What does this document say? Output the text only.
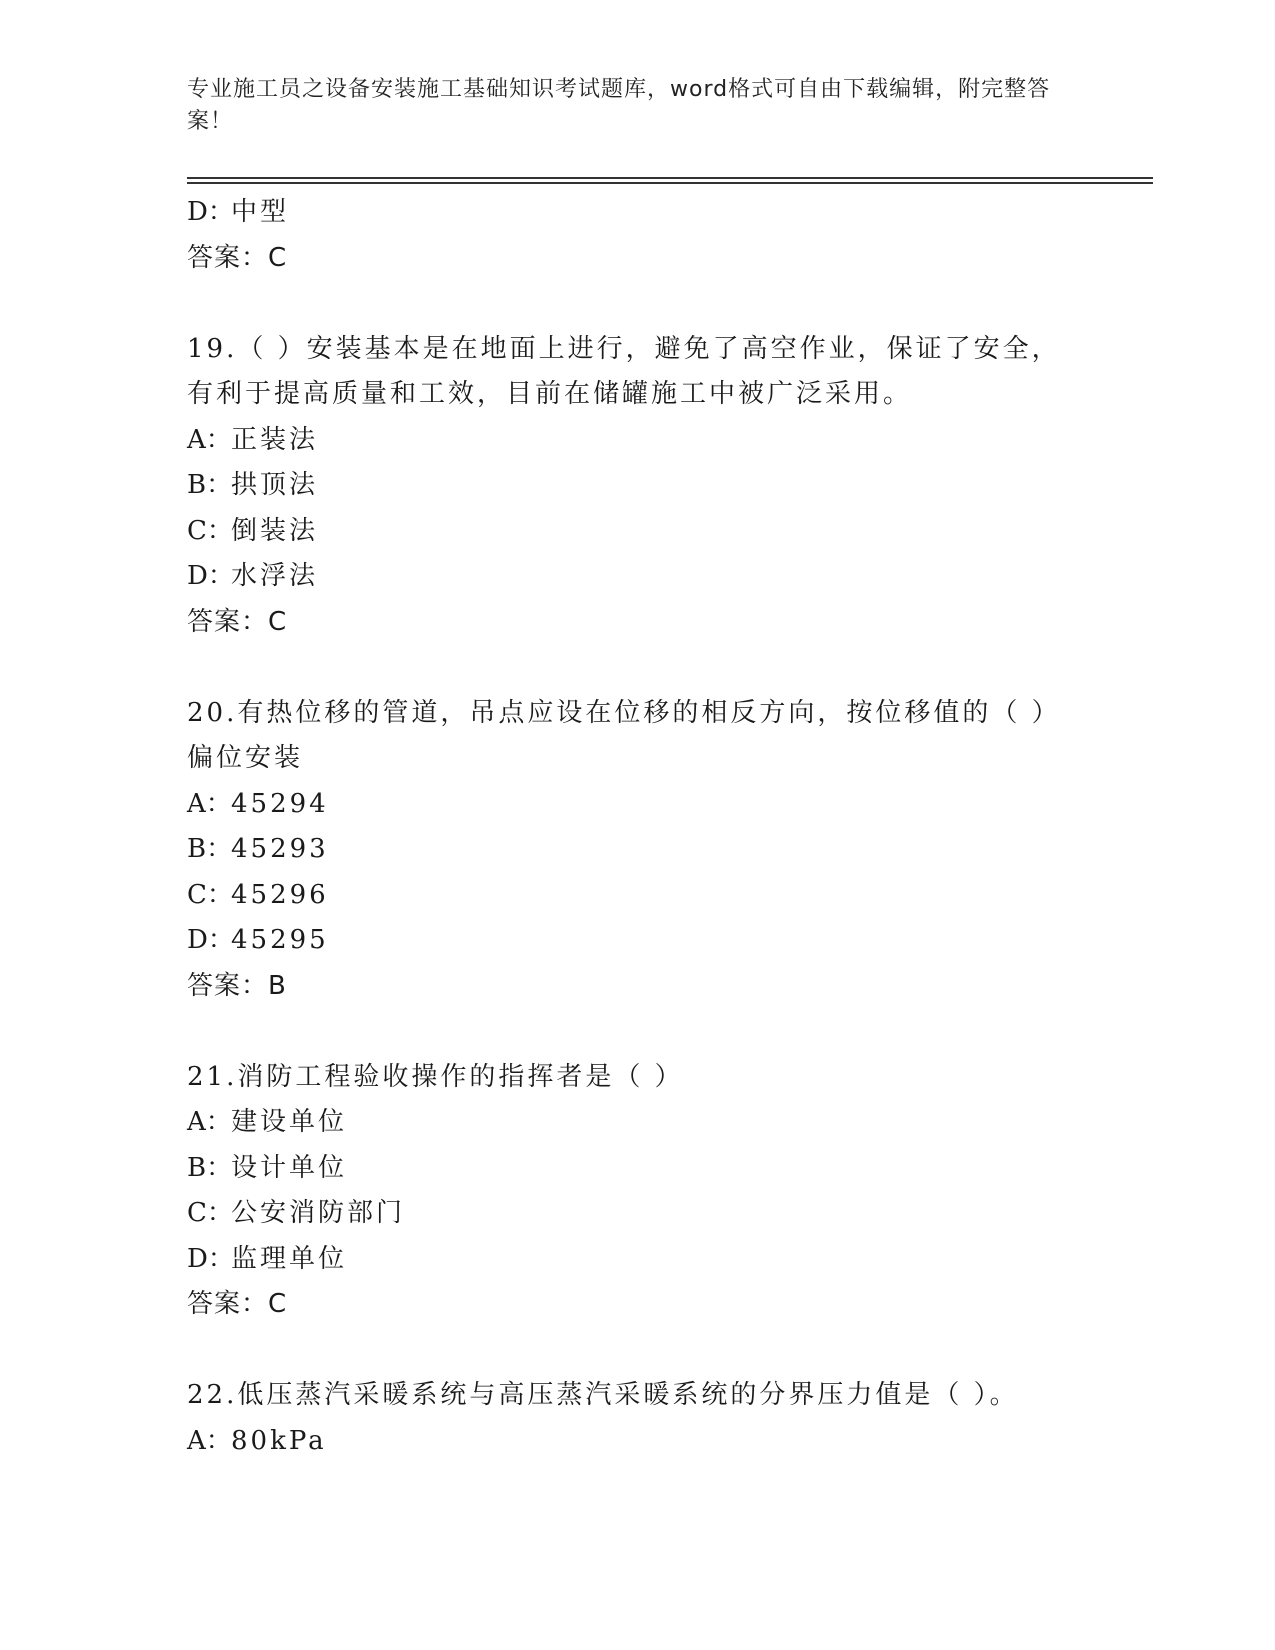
专业施工员之设备安装施工基础知识考试题库，word格式可自由下载编辑，附完整答案！
D：中型
答案：C
19.（ ）安装基本是在地面上进行，避免了高空作业，保证了安全，
有利于提高质量和工效，目前在储罐施工中被广泛采用。
A：正装法
B：拱顶法
C：倒装法
D：水浮法
答案：C
20.有热位移的管道，吊点应设在位移的相反方向，按位移值的（ ）
偏位安装
A：45294
B：45293
C：45296
D：45295
答案：B
21.消防工程验收操作的指挥者是（ ）
A：建设单位
B：设计单位
C：公安消防部门
D：监理单位
答案：C
22.低压蒸汽采暖系统与高压蒸汽采暖系统的分界压力值是（ ）。
A：80kPa
